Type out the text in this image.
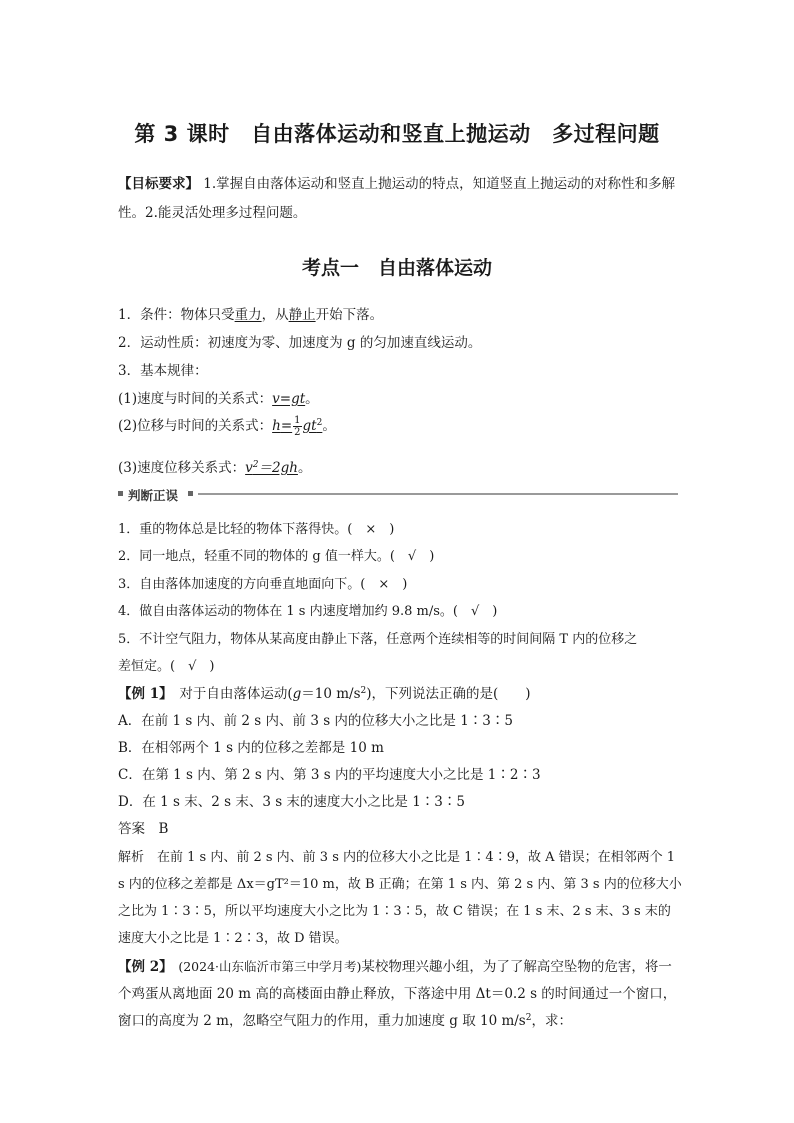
第 3 课时　自由落体运动和竖直上抛运动　多过程问题
【目标要求】 1.掌握自由落体运动和竖直上抛运动的特点，知道竖直上抛运动的对称性和多解
性。2.能灵活处理多过程问题。
考点一　自由落体运动
1．条件：物体只受重力，从静止开始下落。
2．运动性质：初速度为零、加速度为 g 的匀加速直线运动。
3．基本规律：
(1)速度与时间的关系式：v=gt。
(2)位移与时间的关系式：$h= \frac{1}{2} gt^2$。
(3)速度位移关系式：$v^2=2gh$。
判断正误
1．重的物体总是比轻的物体下落得快。(　×　)
2．同一地点，轻重不同的物体的 g 值一样大。(　√　)
3．自由落体加速度的方向垂直地面向下。(　×　)
4．做自由落体运动的物体在 1 s 内速度增加约 9.8 m/s。(　√　)
5．不计空气阻力，物体从某高度由静止下落，任意两个连续相等的时间间隔 T 内的位移之
差恒定。(　√　)
【例 1】　对于自由落体运动(g＝10 $m/s^2$)，下列说法正确的是(　　)
A．在前 1 s 内、前 2 s 内、前 3 s 内的位移大小之比是 1∶3∶5
B．在相邻两个 1 s 内的位移之差都是 10 m
C．在第 1 s 内、第 2 s 内、第 3 s 内的平均速度大小之比是 1∶2∶3
D．在 1 s 末、2 s 末、3 s 末的速度大小之比是 1∶3∶5
答案　B
解析　在前 1 s 内、前 2 s 内、前 3 s 内的位移大小之比是 1∶4∶9，故 A 错误；在相邻两个 1
s 内的位移之差都是 Δx＝gT²＝10 m，故 B 正确；在第 1 s 内、第 2 s 内、第 3 s 内的位移大小
之比为 1∶3∶5，所以平均速度大小之比为 1∶3∶5，故 C 错误；在 1 s 末、2 s 末、3 s 末的
速度大小之比是 1∶2∶3，故 D 错误。
【例 2】　(2024·山东临沂市第三中学月考)某校物理兴趣小组，为了了解高空坠物的危害，将一
个鸡蛋从离地面 20 m 高的高楼面由静止释放，下落途中用 Δt＝0.2 s 的时间通过一个窗口，
窗口的高度为 2 m，忽略空气阻力的作用，重力加速度 g 取 10 $m/s^2$，求：
